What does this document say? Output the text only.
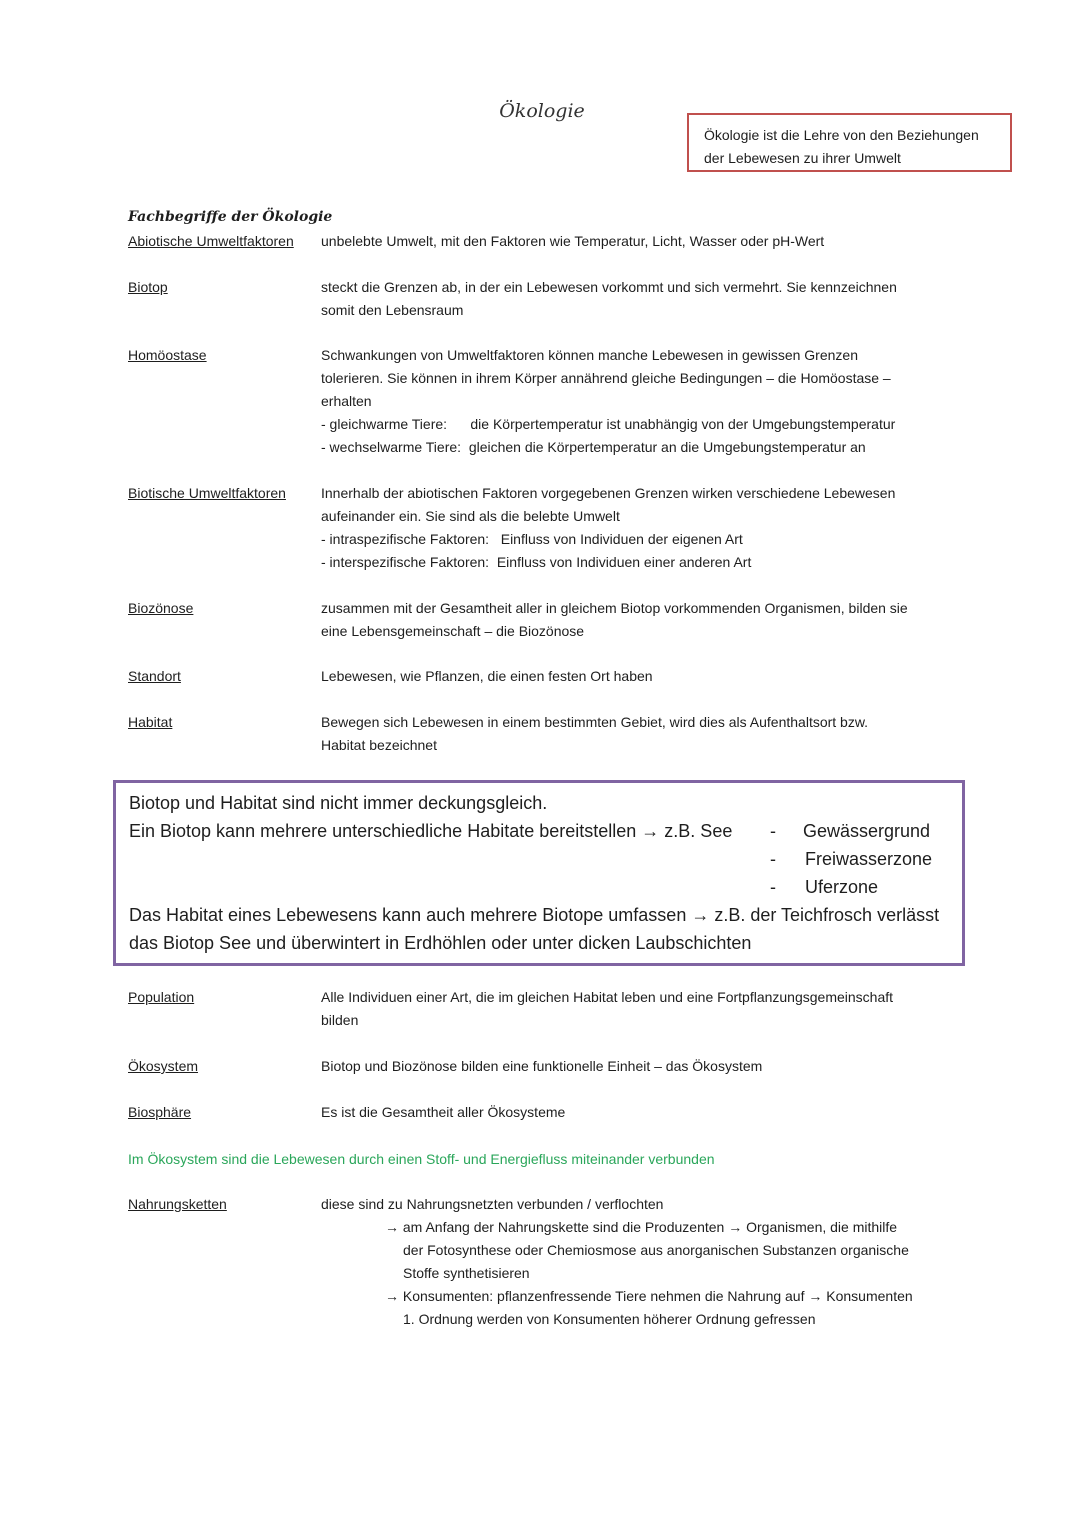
Ökologie
Ökologie ist die Lehre von den Beziehungen
der Lebewesen zu ihrer Umwelt
Fachbegriffe der Ökologie
Abiotische Umweltfaktoren unbelebte Umwelt, mit den Faktoren wie Temperatur, Licht, Wasser oder pH-Wert
Biotop	steckt die Grenzen ab, in der ein Lebewesen vorkommt und sich vermehrt. Sie kennzeichnen
somit den Lebensraum
Homöostase	Schwankungen von Umweltfaktoren können manche Lebewesen in gewissen Grenzen
tolerieren. Sie können in ihrem Körper annährend gleiche Bedingungen – die Homöostase –
erhalten
- gleichwarme Tiere:      die Körpertemperatur ist unabhängig von der Umgebungstemperatur
- wechselwarme Tiere:  gleichen die Körpertemperatur an die Umgebungstemperatur an
Biotische Umweltfaktoren	Innerhalb der abiotischen Faktoren vorgegebenen Grenzen wirken verschiedene Lebewesen
aufeinander ein. Sie sind als die belebte Umwelt
- intraspezifische Faktoren:   Einfluss von Individuen der eigenen Art
- interspezifische Faktoren:  Einfluss von Individuen einer anderen Art
Biozönose	zusammen mit der Gesamtheit aller in gleichem Biotop vorkommenden Organismen, bilden sie
eine Lebensgemeinschaft – die Biozönose
Standort	Lebewesen, wie Pflanzen, die einen festen Ort haben
Habitat	Bewegen sich Lebewesen in einem bestimmten Gebiet, wird dies als Aufenthaltsort bzw.
Habitat bezeichnet
Biotop und Habitat sind nicht immer deckungsgleich.
Ein Biotop kann mehrere unterschiedliche Habitate bereitstellen → z.B. See - Gewässergrund
- Freiwasserzone
- Uferzone
Das Habitat eines Lebewesens kann auch mehrere Biotope umfassen → z.B. der Teichfrosch verlässt
das Biotop See und überwintert in Erdhöhlen oder unter dicken Laubschichten
Population	Alle Individuen einer Art, die im gleichen Habitat leben und eine Fortpflanzungsgemeinschaft
bilden
Ökosystem	Biotop und Biozönose bilden eine funktionelle Einheit – das Ökosystem
Biosphäre	Es ist die Gesamtheit aller Ökosysteme
Im Ökosystem sind die Lebewesen durch einen Stoff- und Energiefluss miteinander verbunden
Nahrungsketten	diese sind zu Nahrungsnetzten verbunden / verflochten
→ am Anfang der Nahrungskette sind die Produzenten → Organismen, die mithilfe
der Fotosynthese oder Chemiosmose aus anorganischen Substanzen organische
Stoffe synthetisieren
→ Konsumenten: pflanzenfressende Tiere nehmen die Nahrung auf → Konsumenten
1. Ordnung werden von Konsumenten höherer Ordnung gefressen
